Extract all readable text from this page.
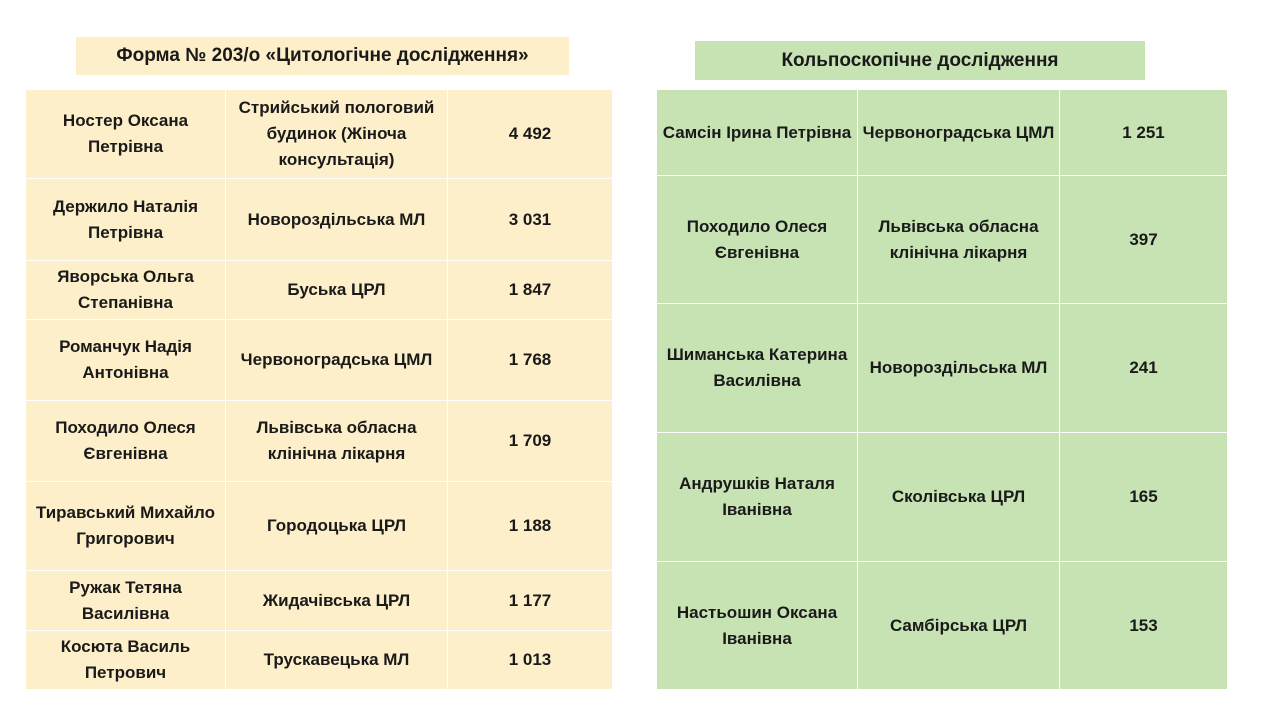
Форма № 203/о «Цитологічне дослідження»	Кольпоскопічне дослідження
Ностер Оксана Петрівна	Стрийський пологовий будинок (Жіноча консультація)	4 492
Держило Наталія Петрівна	Новороздільська МЛ	3 031
Яворська Ольга Степанівна	Буська ЦРЛ	1 847
Романчук Надія Антонівна	Червоноградська ЦМЛ	1 768
Походило Олеся Євгенівна	Львівська обласна клінічна лікарня	1 709
Тиравський Михайло Григорович	Городоцька ЦРЛ	1 188
Ружак Тетяна Василівна	Жидачівська ЦРЛ	1 177
Косюта Василь Петрович	Трускавецька МЛ	1 013
Самсін Ірина Петрівна	Червоноградська ЦМЛ	1 251
Походило Олеся Євгенівна	Львівська обласна клінічна лікарня	397
Шиманська Катерина Василівна	Новороздільська МЛ	241
Андрушків Наталя Іванівна	Сколівська ЦРЛ	165
Настьошин Оксана Іванівна	Самбірська ЦРЛ	153
